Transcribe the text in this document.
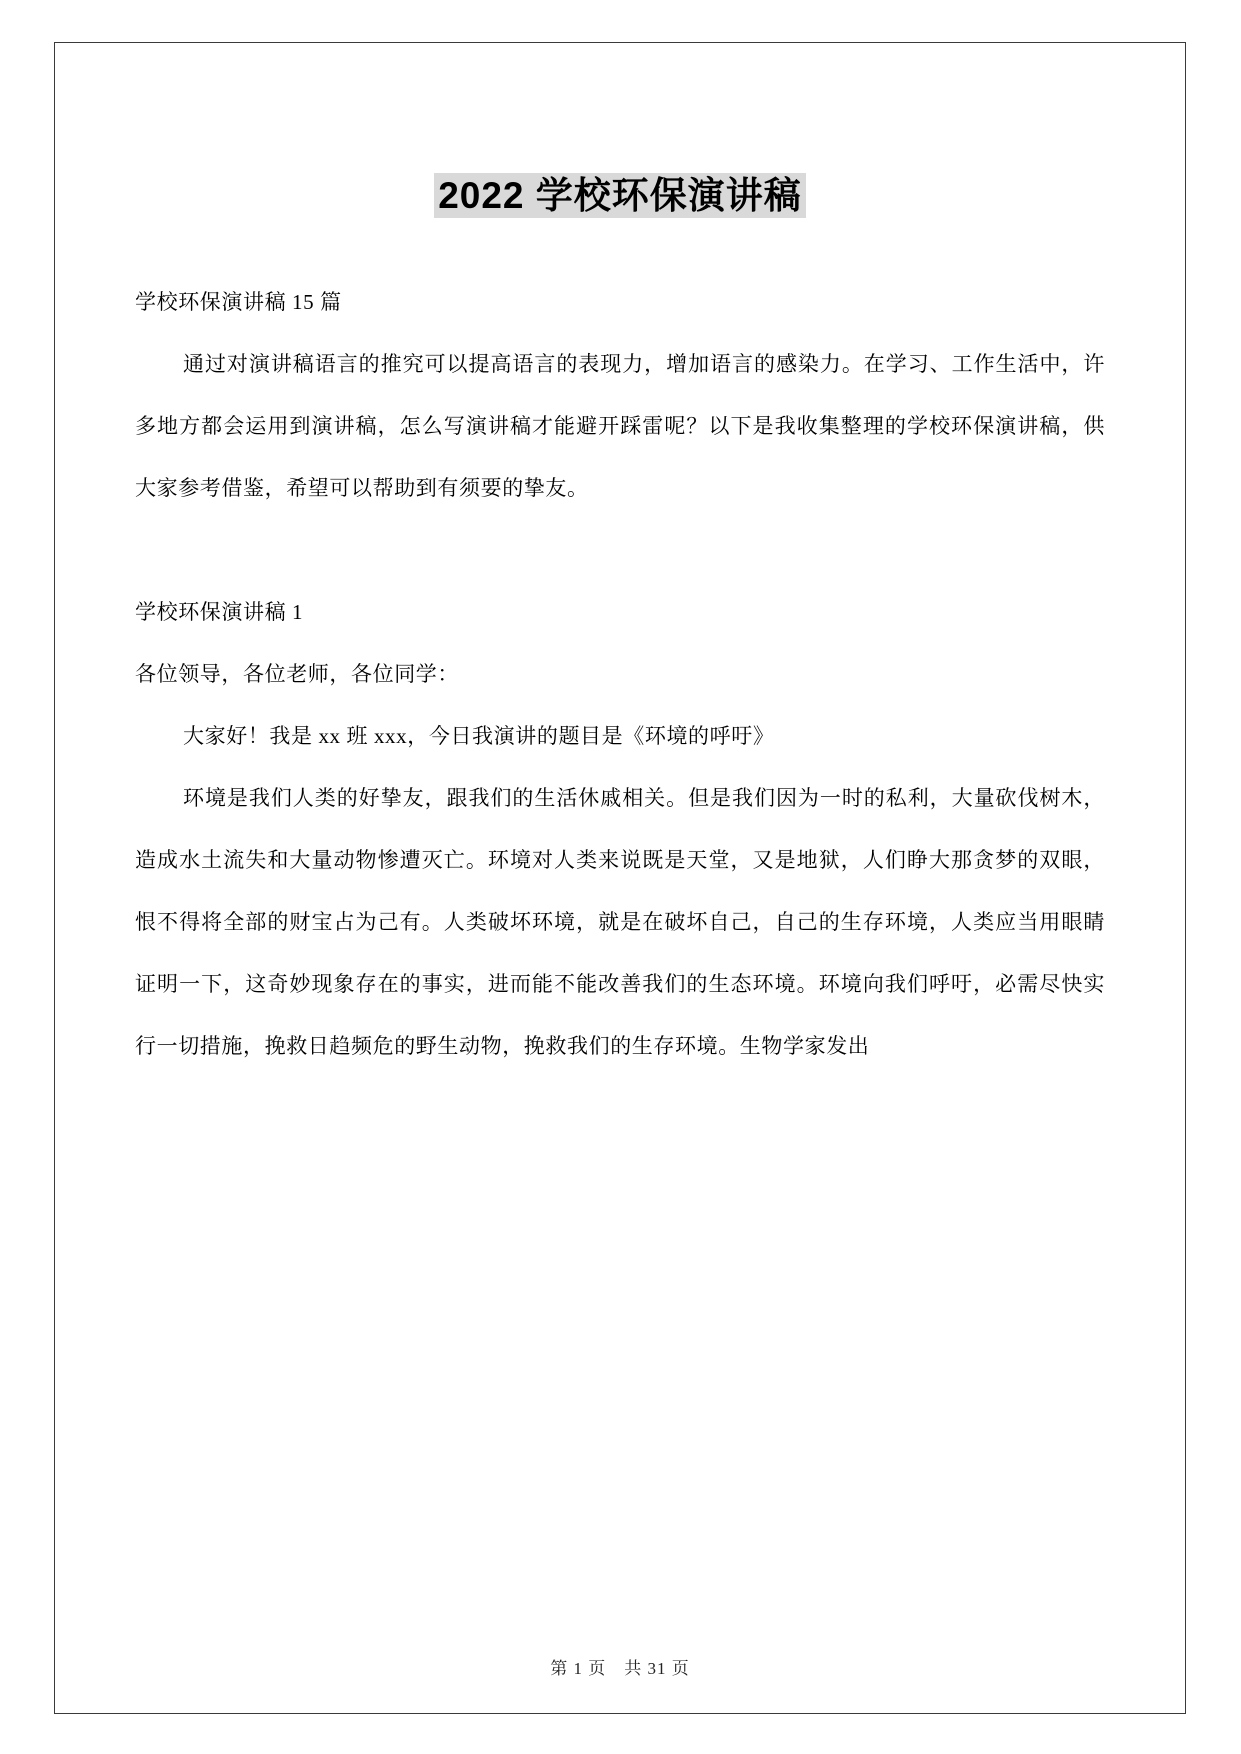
2022 学校环保演讲稿

学校环保演讲稿 15 篇

通过对演讲稿语言的推究可以提高语言的表现力，增加语言的感染力。在学习、工作生活中，许多地方都会运用到演讲稿，怎么写演讲稿才能避开踩雷呢？以下是我收集整理的学校环保演讲稿，供大家参考借鉴，希望可以帮助到有须要的挚友。

学校环保演讲稿 1

各位领导，各位老师，各位同学：

大家好！我是 xx 班 xxx，今日我演讲的题目是《环境的呼吁》

环境是我们人类的好挚友，跟我们的生活休戚相关。但是我们因为一时的私利，大量砍伐树木，造成水土流失和大量动物惨遭灭亡。环境对人类来说既是天堂，又是地狱，人们睁大那贪梦的双眼，恨不得将全部的财宝占为己有。人类破坏环境，就是在破坏自己，自己的生存环境，人类应当用眼睛证明一下，这奇妙现象存在的事实，进而能不能改善我们的生态环境。环境向我们呼吁，必需尽快实行一切措施，挽救日趋频危的野生动物，挽救我们的生存环境。生物学家发出

第 1 页　共 31 页
